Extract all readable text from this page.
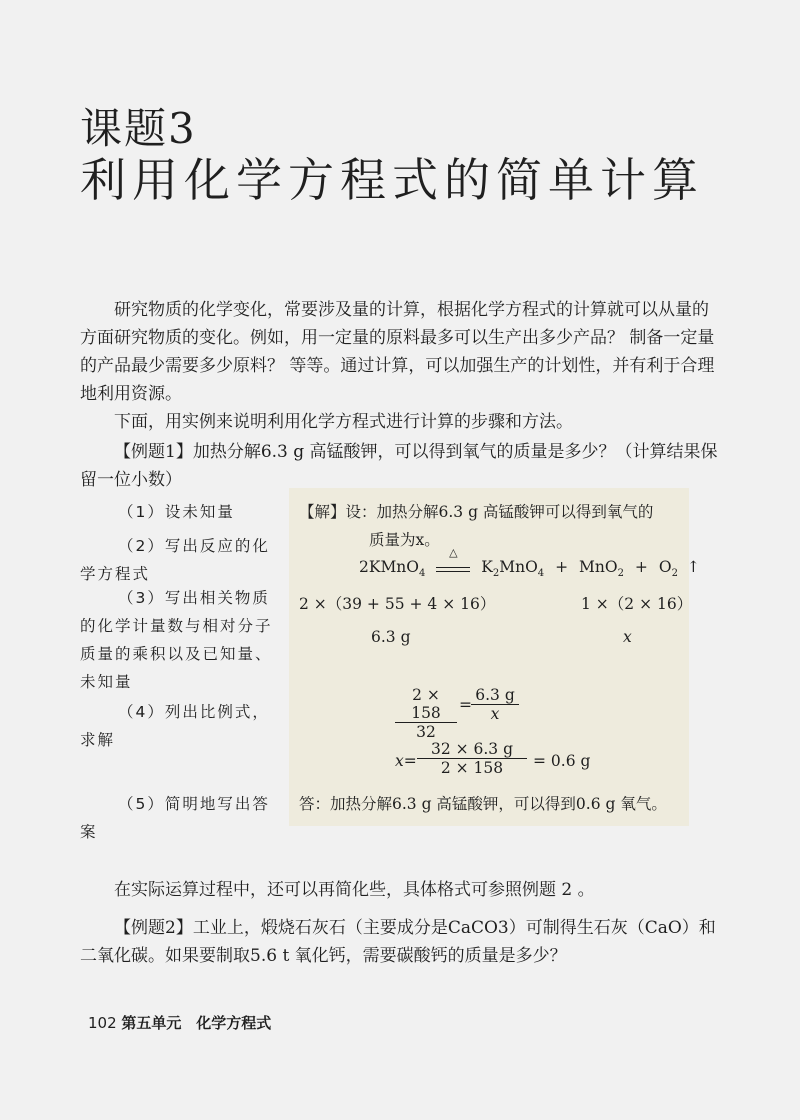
课题3
利用化学方程式的简单计算
研究物质的化学变化，常要涉及量的计算，根据化学方程式的计算就可以从量的方面研究物质的变化。例如，用一定量的原料最多可以生产出多少产品？ 制备一定量的产品最少需要多少原料？ 等等。通过计算，可以加强生产的计划性，并有利于合理地利用资源。
下面，用实例来说明利用化学方程式进行计算的步骤和方法。
【例题1】加热分解6.3 g 高锰酸钾，可以得到氧气的质量是多少？（计算结果保留一位小数）
（1）设未知量
（2）写出反应的化学方程式
（3）写出相关物质的化学计量数与相对分子质量的乘积以及已知量、未知量
（4）列出比例式，求解
（5）简明地写出答案
【解】设：加热分解6.3 g 高锰酸钾可以得到氧气的
质量为x。
2KMnO$_4$
△
$K_2MnO_4 + MnO_2 + O_2$ ↑
2 ×（39 + 55 + 4 × 16）	1 ×（2 × 16）
6.3 g	x
2 × 158
32
=
6.3 g
x
x=
32 × 6.3 g
2 × 158	= 0.6 g
答：加热分解6.3 g 高锰酸钾，可以得到0.6 g 氧气。
在实际运算过程中，还可以再简化些，具体格式可参照例题 2 。
【例题2】工业上，煅烧石灰石（主要成分是CaCO3）可制得生石灰（CaO）和二氧化碳。如果要制取5.6 t 氧化钙，需要碳酸钙的质量是多少？
102 第五单元 化学方程式
